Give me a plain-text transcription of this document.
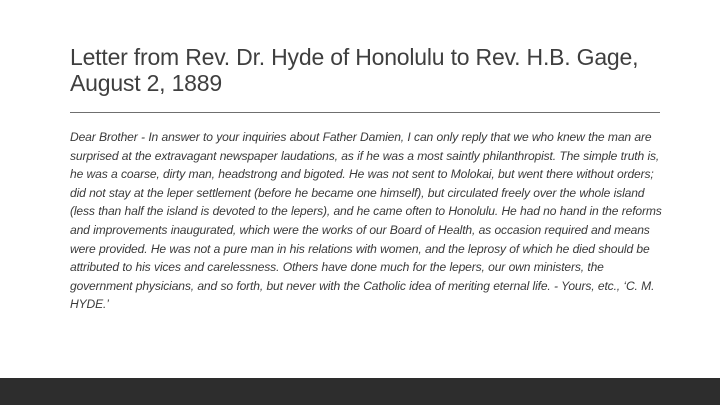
Letter from Rev. Dr. Hyde of Honolulu to Rev. H.B. Gage, August 2, 1889

Dear Brother - In answer to your inquiries about Father Damien, I can only reply that we who knew the man are surprised at the extravagant newspaper laudations, as if he was a most saintly philanthropist. The simple truth is, he was a coarse, dirty man, headstrong and bigoted. He was not sent to Molokai, but went there without orders; did not stay at the leper settlement (before he became one himself), but circulated freely over the whole island (less than half the island is devoted to the lepers), and he came often to Honolulu. He had no hand in the reforms and improvements inaugurated, which were the works of our Board of Health, as occasion required and means were provided. He was not a pure man in his relations with women, and the leprosy of which he died should be attributed to his vices and carelessness. Others have done much for the lepers, our own ministers, the government physicians, and so forth, but never with the Catholic idea of meriting eternal life. - Yours, etc., ‘C. M. HYDE.’
